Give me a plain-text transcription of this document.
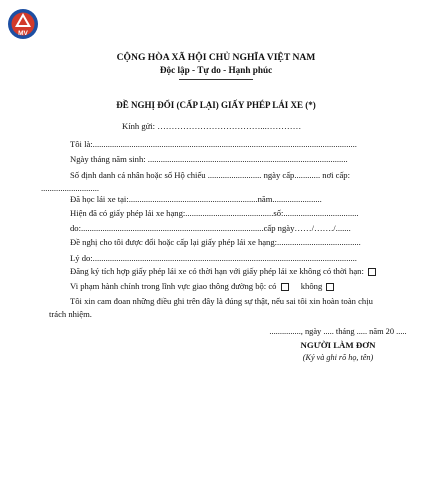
MV
CỘNG HÒA XÃ HỘI CHỦ NGHĨA VIỆT NAM
Độc lập - Tự do - Hạnh phúc
ĐỀ NGHỊ ĐỔI (CẤP LẠI) GIẤY PHÉP LÁI XE (*)
Kính gửi: ………………………………...…………
Tôi là:...........................................................................................................................
Ngày tháng năm sinh: .............................................................................................
Số định danh cá nhân hoặc số Hộ chiếu ......................... ngày cấp............ nơi cấp:
...........................
Đã học lái xe tại:............................................................năm.......................
Hiện đã có giấy phép lái xe hạng:.........................................số:...................................
do:.....................................................................................cấp ngày……/……./.......
Đề nghị cho tôi được đổi hoặc cấp lại giấy phép lái xe hạng:.......................................
Lý do:...........................................................................................................................
Đăng ký tích hợp giấy phép lái xe có thời hạn với giấy phép lái xe không có thời hạn:
Vi phạm hành chính trong lĩnh vực giao thông đường bộ: có	không
Tôi xin cam đoan những điều ghi trên đây là đúng sự thật, nếu sai tôi xin hoàn toàn chịu
trách nhiệm.
..............., ngày ..... tháng ..... năm 20 .....
NGƯỜI LÀM ĐƠN
(Ký và ghi rõ họ, tên)
